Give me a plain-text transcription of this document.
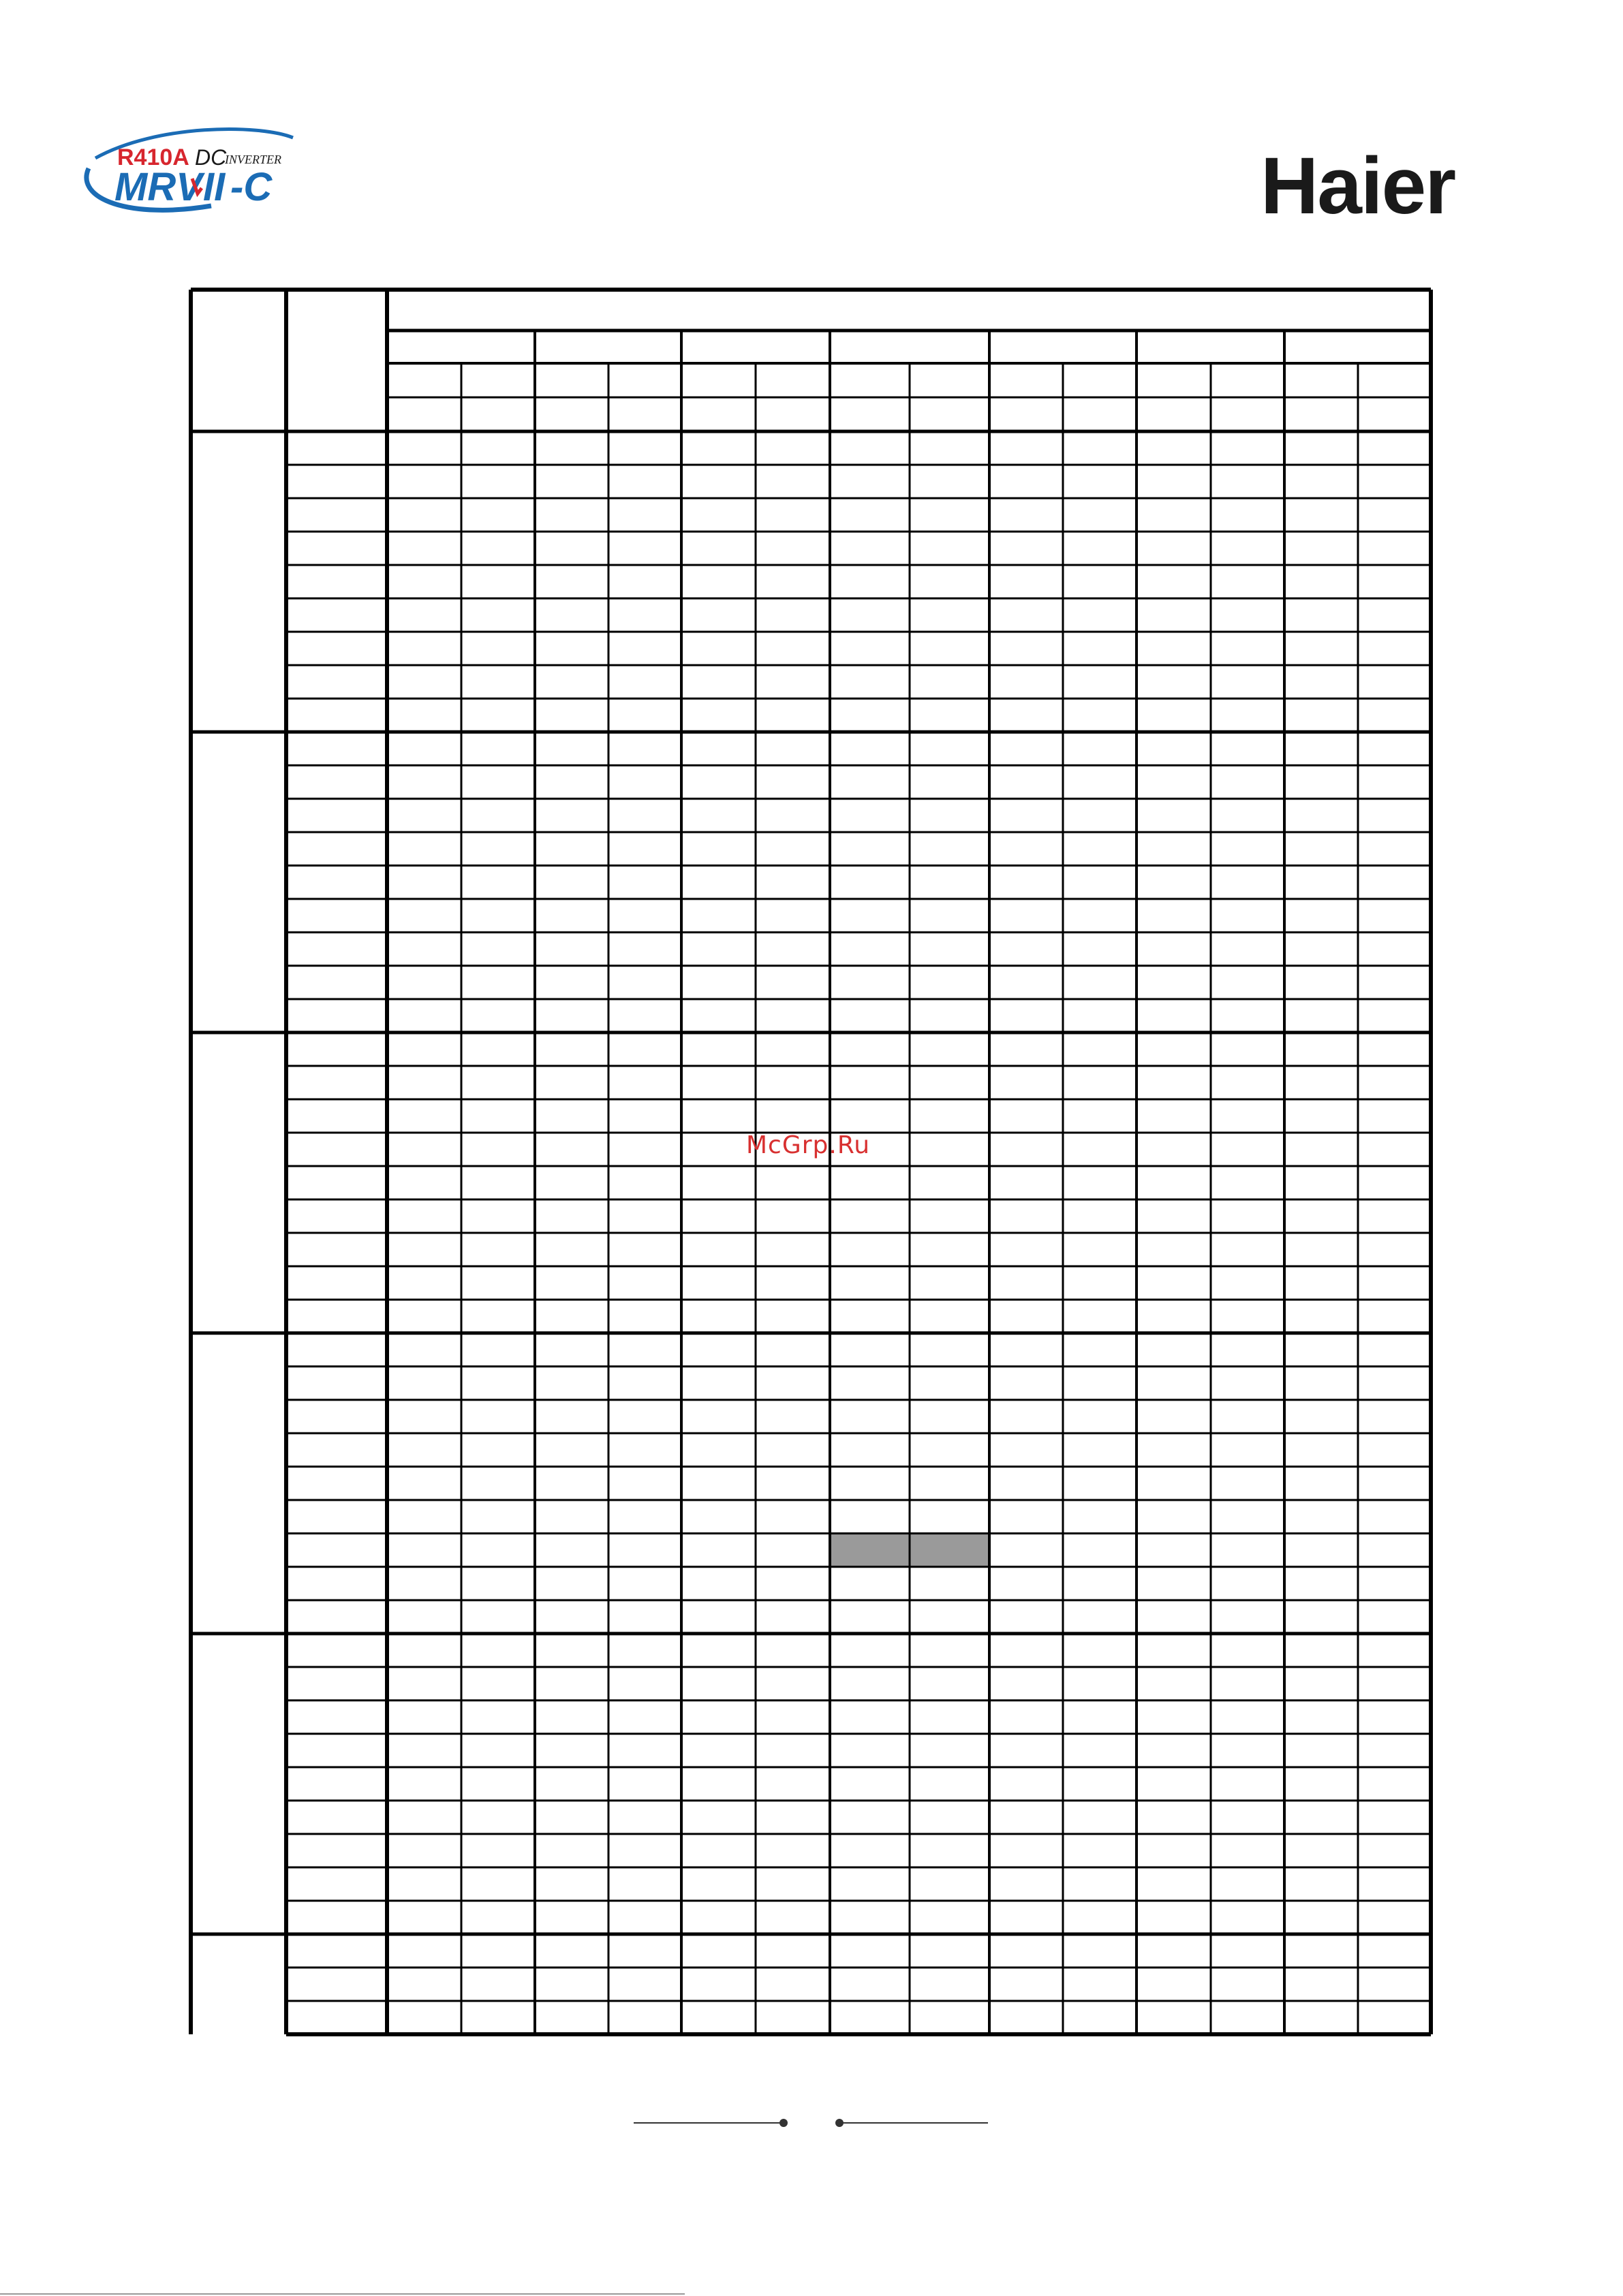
R410A DC
INVERTER
MRV II -C	Haier
McGrp.Ru
